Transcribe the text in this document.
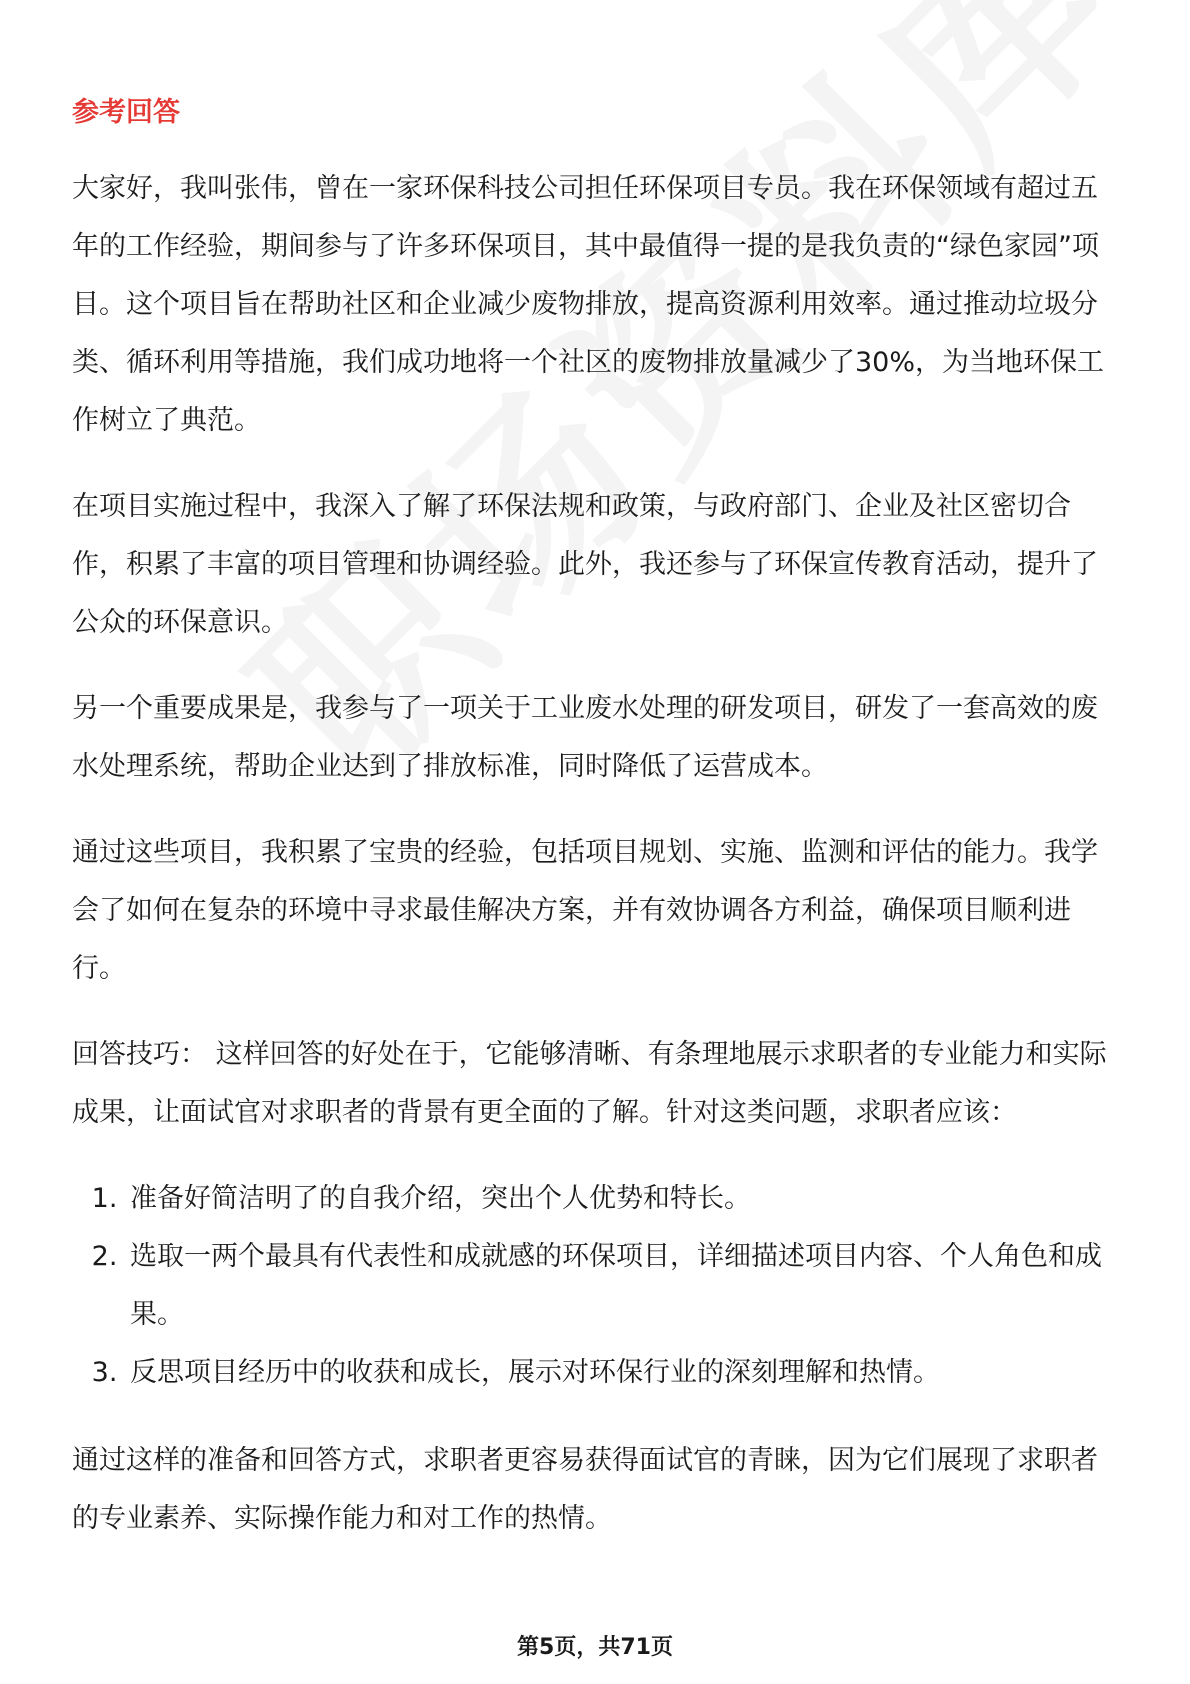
参考回答

大家好，我叫张伟，曾在一家环保科技公司担任环保项目专员。我在环保领域有超过五年的工作经验，期间参与了许多环保项目，其中最值得一提的是我负责的“绿色家园”项目。这个项目旨在帮助社区和企业减少废物排放，提高资源利用效率。通过推动垃圾分类、循环利用等措施，我们成功地将一个社区的废物排放量减少了30%，为当地环保工作树立了典范。

在项目实施过程中，我深入了解了环保法规和政策，与政府部门、企业及社区密切合作，积累了丰富的项目管理和协调经验。此外，我还参与了环保宣传教育活动，提升了公众的环保意识。

另一个重要成果是，我参与了一项关于工业废水处理的研发项目，研发了一套高效的废水处理系统，帮助企业达到了排放标准，同时降低了运营成本。

通过这些项目，我积累了宝贵的经验，包括项目规划、实施、监测和评估的能力。我学会了如何在复杂的环境中寻求最佳解决方案，并有效协调各方利益，确保项目顺利进行。

回答技巧： 这样回答的好处在于，它能够清晰、有条理地展示求职者的专业能力和实际成果，让面试官对求职者的背景有更全面的了解。针对这类问题，求职者应该：

1. 准备好简洁明了的自我介绍，突出个人优势和特长。
2. 选取一两个最具有代表性和成就感的环保项目，详细描述项目内容、个人角色和成果。
3. 反思项目经历中的收获和成长，展示对环保行业的深刻理解和热情。

通过这样的准备和回答方式，求职者更容易获得面试官的青睐，因为它们展现了求职者的专业素养、实际操作能力和对工作的热情。

第5页，共71页
